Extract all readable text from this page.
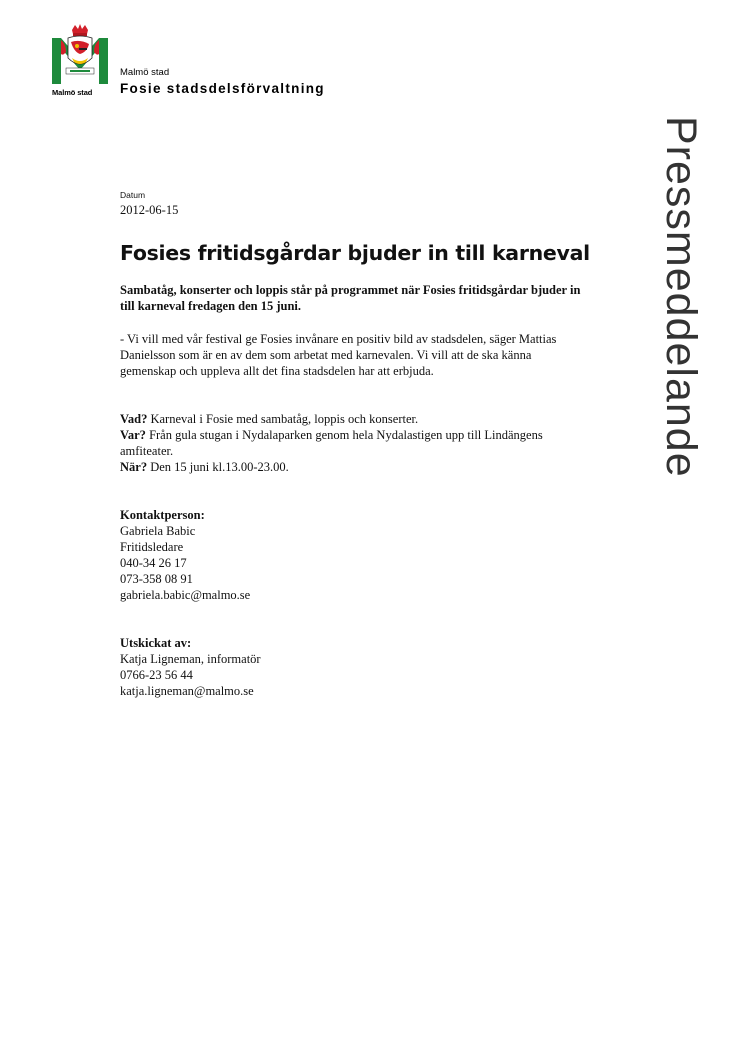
Malmö stad
Malmö stad
Fosie stadsdelsförvaltning
Pressmeddelande
Datum
2012-06-15
Fosies fritidsgårdar bjuder in till karneval

Sambatåg, konserter och loppis står på programmet när Fosies fritidsgårdar bjuder in till karneval fredagen den 15 juni.

- Vi vill med vår festival ge Fosies invånare en positiv bild av stadsdelen, säger Mattias Danielsson som är en av dem som arbetat med karnevalen. Vi vill att de ska känna gemenskap och uppleva allt det fina stadsdelen har att erbjuda.

Vad? Karneval i Fosie med sambatåg, loppis och konserter.
Var? Från gula stugan i Nydalaparken genom hela Nydalastigen upp till Lindängens amfiteater.
När? Den 15 juni kl.13.00-23.00.
Kontaktperson:
Gabriela Babic
Fritidsledare
040-34 26 17
073-358 08 91
gabriela.babic@malmo.se
Utskickat av:
Katja Ligneman, informatör
0766-23 56 44
katja.ligneman@malmo.se
